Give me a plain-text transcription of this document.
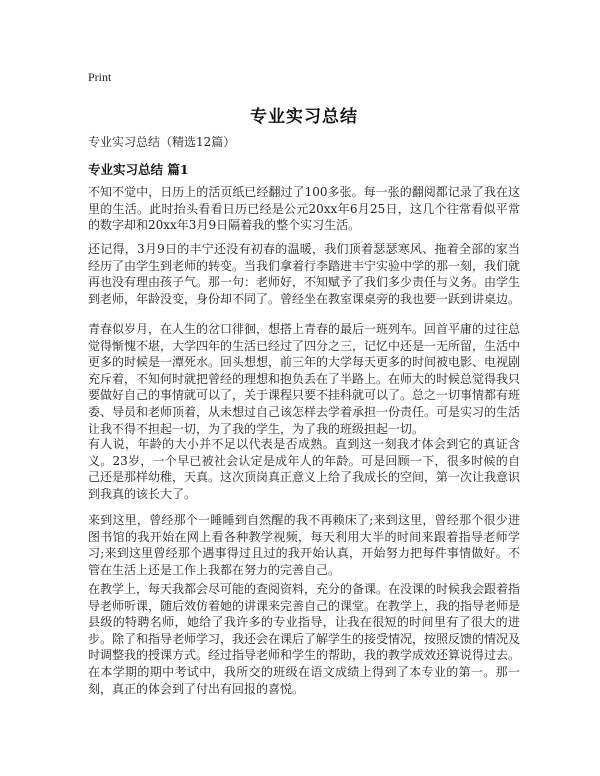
Print
专业实习总结
专业实习总结（精选12篇）
专业实习总结 篇1

不知不觉中，日历上的活页纸已经翻过了100多张。每一张的翻阅都记录了我在这里的生活。此时抬头看看日历已经是公元20xx年6月25日，这几个往常看似平常的数字却和20xx年3月9日隔着我的整个实习生活。

还记得，3月9日的丰宁还没有初春的温暖，我们顶着瑟瑟寒风、拖着全部的家当经历了由学生到老师的转变。当我们拿着行李踏进丰宁实验中学的那一刻，我们就再也没有理由孩子气。那一句：老师好，不知赋予了我们多少责任与义务。由学生到老师，年龄没变，身份却不同了。曾经坐在教室课桌旁的我也要一跃到讲桌边。

青春似岁月，在人生的岔口徘徊，想搭上青春的最后一班列车。回首平庸的过往总觉得惭愧不堪，大学四年的生活已经过了四分之三，记忆中还是一无所留，生活中更多的时候是一潭死水。回头想想，前三年的大学每天更多的时间被电影、电视剧充斥着，不知何时就把曾经的理想和抱负丢在了半路上。在师大的时候总觉得我只要做好自己的事情就可以了，关于课程只要不挂科就可以了。总之一切事情都有班委、导员和老师顶着，从未想过自己该怎样去学着承担一份责任。可是实习的生活让我不得不担起一切，为了我的学生，为了我的班级担起一切。

有人说，年龄的大小并不足以代表是否成熟。直到这一刻我才体会到它的真证含义。23岁，一个早已被社会认定是成年人的年龄。可是回顾一下，很多时候的自己还是那样幼稚，天真。这次顶岗真正意义上给了我成长的空间，第一次让我意识到我真的该长大了。

来到这里，曾经那个一睡睡到自然醒的我不再赖床了;来到这里，曾经那个很少进图书馆的我开始在网上看各种教学视频，每天利用大半的时间来跟着指导老师学习;来到这里曾经那个遇事得过且过的我开始认真，开始努力把每件事情做好。不管在生活上还是工作上我都在努力的完善自己。

在教学上，每天我都会尽可能的查阅资料，充分的备课。在没课的时候我会跟着指导老师听课，随后效仿着她的讲课来完善自己的课堂。在教学上，我的指导老师是县级的特聘名师，她给了我许多的专业指导，让我在很短的时间里有了很大的进步。除了和指导老师学习，我还会在课后了解学生的接受情况，按照反馈的情况及时调整我的授课方式。经过指导老师和学生的帮助，我的教学成效还算说得过去。在本学期的期中考试中，我所交的班级在语文成绩上得到了本专业的第一。那一刻，真正的体会到了付出有回报的喜悦。
